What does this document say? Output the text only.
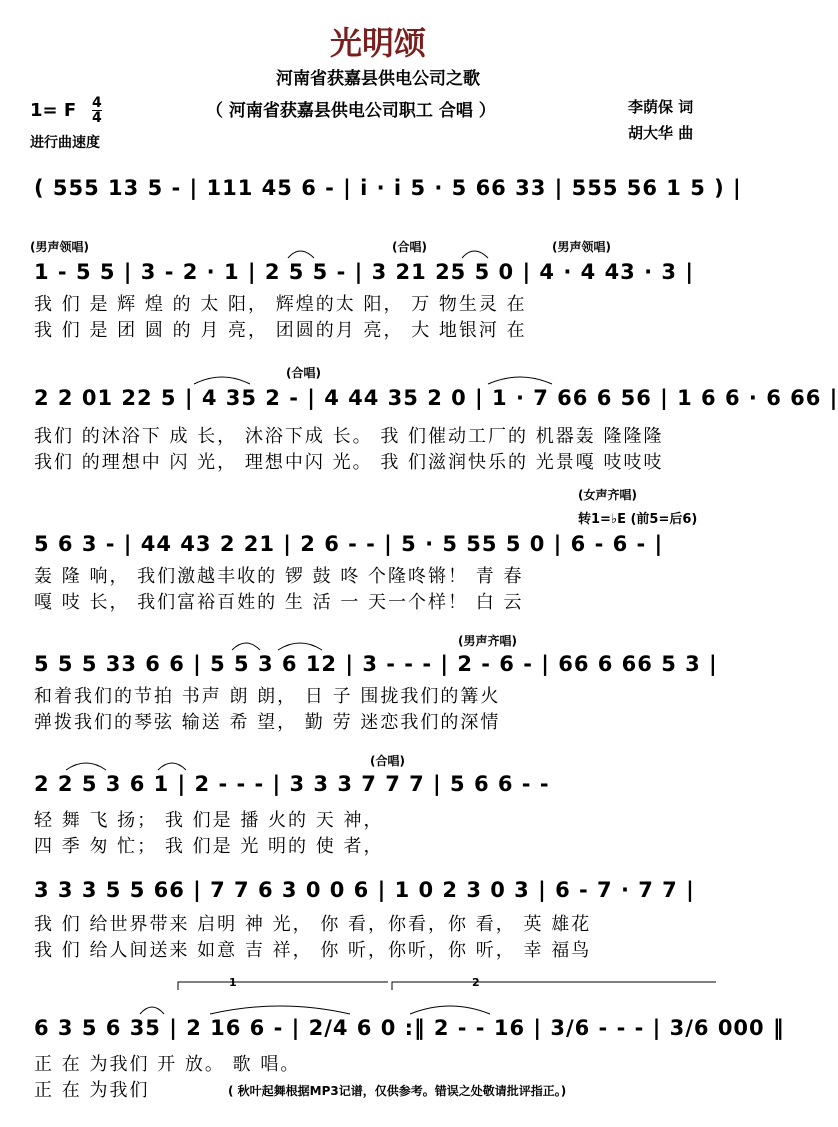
光明颂
河南省获嘉县供电公司之歌
（ 河南省获嘉县供电公司职工 合唱 ）
1= F $\frac{4}{4}$
进行曲速度
李荫保 词
胡大华 曲
( 555 13 5 - | 111 45 6 - | i · i 5 · 5 66 33 | 555 56 1 5 ) |
(男声领唱)	(合唱)	(男声领唱)
1 - 5 5 | 3 - 2 · 1 | 2 5 5 - | 3 21 25 5 0 | 4 · 4 43 · 3 |
我 们 是 辉 煌 的 太 阳， 辉煌的太 阳， 万 物生灵 在
我 们 是 团 圆 的 月 亮， 团圆的月 亮， 大 地银河 在
(合唱)
2 2 01 22 5 | 4 35 2 - | 4 44 35 2 0 | 1 · 7 66 6 56 | 1 6 6 · 6 66 |
我们 的沐浴下 成 长， 沐浴下成 长。 我 们催动工厂的 机器轰 隆隆隆
我们 的理想中 闪 光， 理想中闪 光。 我 们滋润快乐的 光景嘎 吱吱吱
(女声齐唱)
转1=♭E (前5=后6)
5 6 3 - | 44 43 2 21 | 2 6 - - | 5 · 5 55 5 0 | 6 - 6 - |
轰 隆 响， 我们激越丰收的 锣 鼓 咚 个隆咚锵！ 青 春
嘎 吱 长， 我们富裕百姓的 生 活 一 天一个样！ 白 云
(男声齐唱)
5 5 5 33 6 6 | 5 5 3 6 12 | 3 - - - | 2 - 6 - | 66 6 66 5 3 |
和着我们的节拍 书声 朗 朗， 日 子 围拢我们的篝火
弹拨我们的琴弦 输送 希 望， 勤 劳 迷恋我们的深情
(合唱)
2 2 5 3 6 1 | 2 - - - | 3 3 3 7 7 7 | 5 6 6 - -
轻 舞 飞 扬； 我 们是 播 火的 天 神，
四 季 匆 忙； 我 们是 光 明的 使 者，
3 3 3 5 5 66 | 7 7 6 3 0 0 6 | 1 0 2 3 0 3 | 6 - 7 · 7 7 |
我 们 给世界带来 启明 神 光， 你 看，你看，你 看， 英 雄花
我 们 给人间送来 如意 吉 祥， 你 听，你听，你 听， 幸 福鸟
1	2
6 3 5 6 35 | 2 16 6 - | 2/4 6 0 :‖ 2 - - 16 | 3/6 - - - | 3/6 000 ‖
正 在 为我们 开 放。 歌 唱。
正 在 为我们	( 秋叶起舞根据MP3记谱，仅供参考。错误之处敬请批评指正。)
